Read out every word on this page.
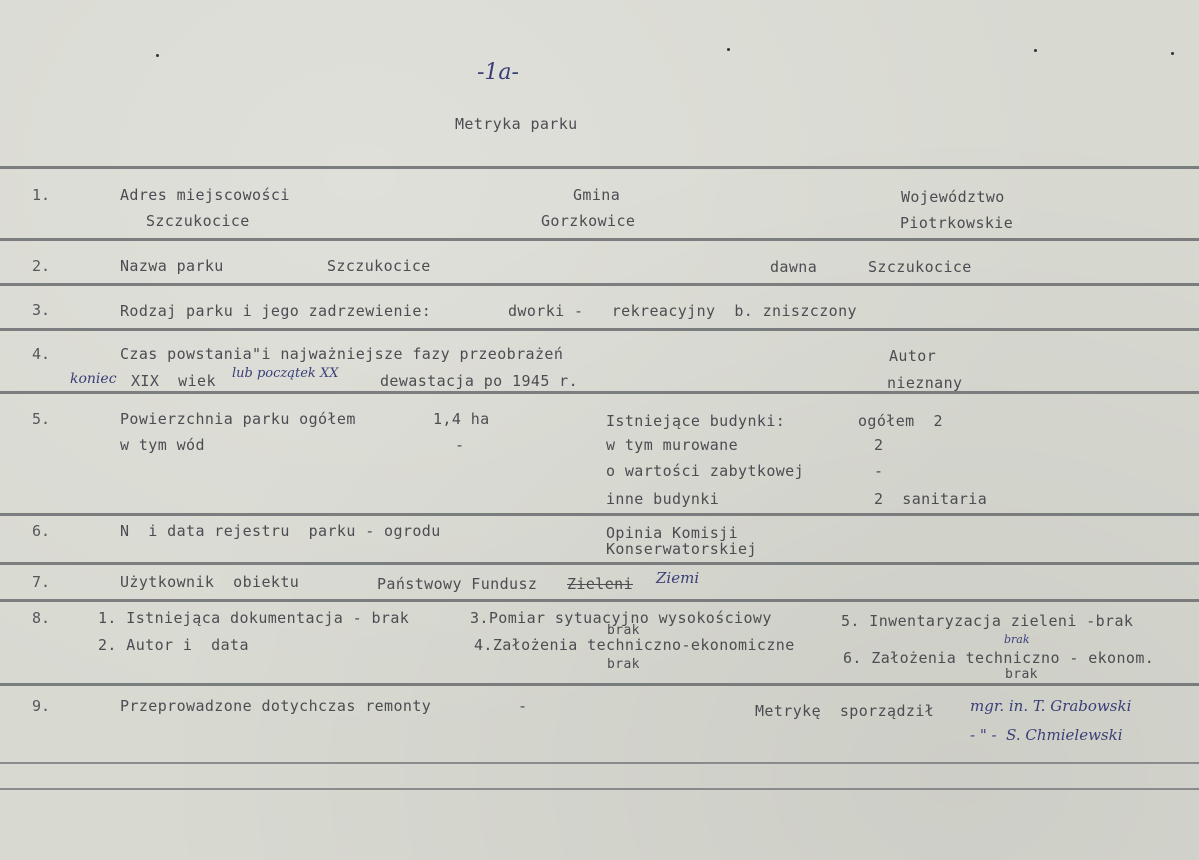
-1a-
Metryka parku
1.	Adres miejscowości
Szczukocice
Gmina
Gorzkowice
Województwo
Piotrkowskie
2.	Nazwa parku	Szczukocice	dawna	Szczukocice
3.	Rodzaj parku i jego zadrzewienie:	dworki -   rekreacyjny  b. zniszczony
4.	Czas powstania"i najważniejsze fazy przeobrażeń
koniec XIX  wiek lub początek XX	dewastacja po 1945 r.
Autor
nieznany
5.	Powierzchnia parku ogółem	1,4 ha
w tym wód	-
Istniejące budynki:	ogółem  2
w tym murowane	2
o wartości zabytkowej	-
inne budynki	2  sanitaria
6.	N  i data rejestru  parku - ogrodu	Opinia Komisji
Konserwatorskiej
7.	Użytkownik  obiektu	Państwowy Fundusz Zieleni Ziemi
8.	1. Istniejąca dokumentacja - brak
2. Autor i  data
3.Pomiar sytuacyjno wysokościowy
brak
4.Założenia techniczno-ekonomiczne
brak
5. Inwentaryzacja zieleni -brak
brak
6. Założenia techniczno - ekonom.
brak
9.	Przeprowadzone dotychczas remonty	-	Metrykę  sporządził mgr. in. T. Grabowski
- " -  S. Chmielewski
